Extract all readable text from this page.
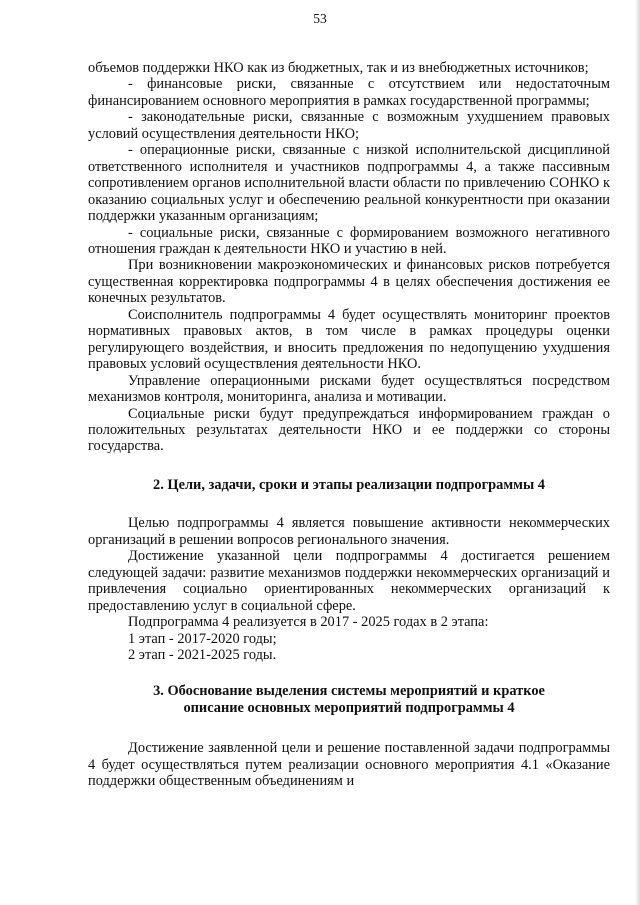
53

объемов поддержки НКО как из бюджетных, так и из внебюджетных источников;

- финансовые риски, связанные с отсутствием или недостаточным финансированием основного мероприятия в рамках государственной программы;

- законодательные риски, связанные с возможным ухудшением правовых условий осуществления деятельности НКО;

- операционные риски, связанные с низкой исполнительской дисциплиной ответственного исполнителя и участников подпрограммы 4, а также пассивным сопротивлением органов исполнительной власти области по привлечению СОНКО к оказанию социальных услуг и обеспечению реальной конкурентности при оказании поддержки указанным организациям;

- социальные риски, связанные с формированием возможного негативного отношения граждан к деятельности НКО и участию в ней.

При возникновении макроэкономических и финансовых рисков потребуется существенная корректировка подпрограммы 4 в целях обеспечения достижения ее конечных результатов.

Соисполнитель подпрограммы 4 будет осуществлять мониторинг проектов нормативных правовых актов, в том числе в рамках процедуры оценки регулирующего воздействия, и вносить предложения по недопущению ухудшения правовых условий осуществления деятельности НКО.

Управление операционными рисками будет осуществляться посредством механизмов контроля, мониторинга, анализа и мотивации.

Социальные риски будут предупреждаться информированием граждан о положительных результатах деятельности НКО и ее поддержки со стороны государства.

2. Цели, задачи, сроки и этапы реализации подпрограммы 4

Целью подпрограммы 4 является повышение активности некоммерческих организаций в решении вопросов регионального значения.

Достижение указанной цели подпрограммы 4 достигается решением следующей задачи: развитие механизмов поддержки некоммерческих организаций и привлечения социально ориентированных некоммерческих организаций к предоставлению услуг в социальной сфере.

Подпрограмма 4 реализуется в 2017 - 2025 годах в 2 этапа:

1 этап - 2017-2020 годы;

2 этап - 2021-2025 годы.

3. Обоснование выделения системы мероприятий и краткое
описание основных мероприятий подпрограммы 4

Достижение заявленной цели и решение поставленной задачи подпрограммы 4 будет осуществляться путем реализации основного мероприятия 4.1 «Оказание поддержки общественным объединениям и
